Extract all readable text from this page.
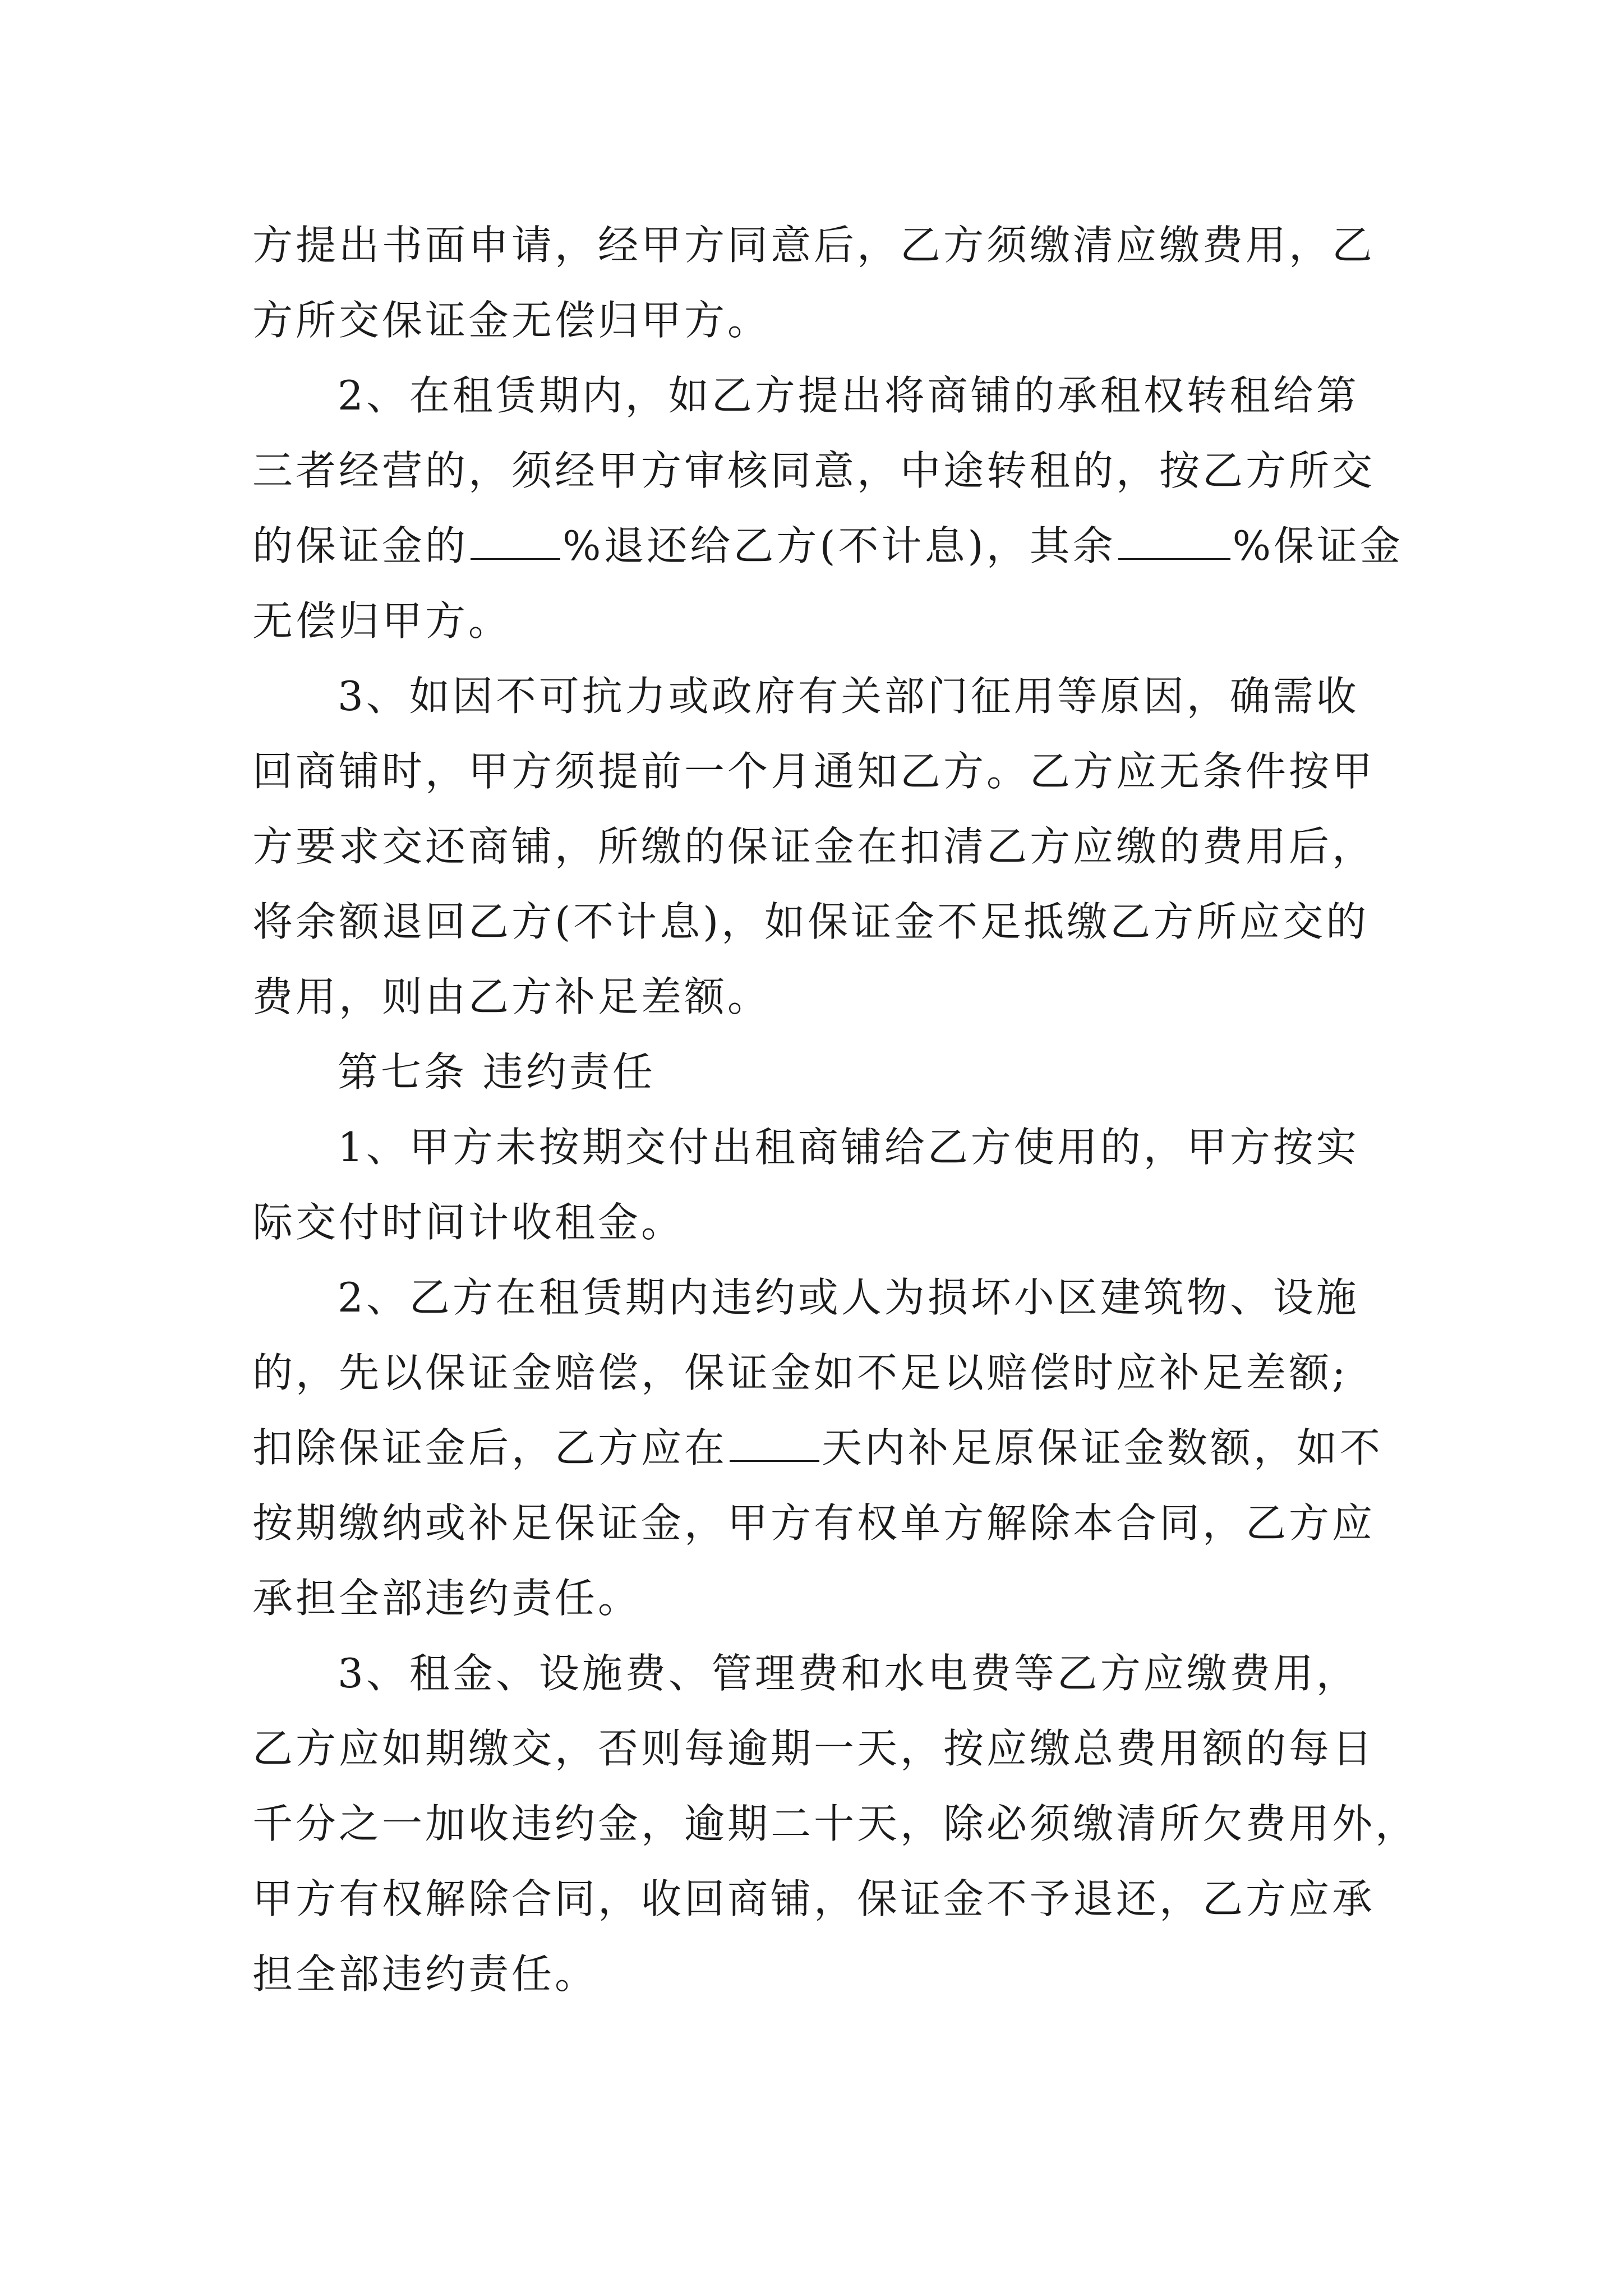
方提出书面申请，经甲方同意后，乙方须缴清应缴费用，乙
方所交保证金无偿归甲方。
2、在租赁期内，如乙方提出将商铺的承租权转租给第
三者经营的，须经甲方审核同意，中途转租的，按乙方所交
的保证金的 %退还给乙方(不计息)，其余	%保证金
无偿归甲方。
3、如因不可抗力或政府有关部门征用等原因，确需收
回商铺时，甲方须提前一个月通知乙方。乙方应无条件按甲
方要求交还商铺，所缴的保证金在扣清乙方应缴的费用后，
将余额退回乙方(不计息)，如保证金不足抵缴乙方所应交的
费用，则由乙方补足差额。
第七条 违约责任
1、甲方未按期交付出租商铺给乙方使用的，甲方按实
际交付时间计收租金。
2、乙方在租赁期内违约或人为损坏小区建筑物、设施
的，先以保证金赔偿，保证金如不足以赔偿时应补足差额;
扣除保证金后，乙方应在 天内补足原保证金数额，如不
按期缴纳或补足保证金，甲方有权单方解除本合同，乙方应
承担全部违约责任。
3、租金、设施费、管理费和水电费等乙方应缴费用，
乙方应如期缴交，否则每逾期一天，按应缴总费用额的每日
千分之一加收违约金，逾期二十天，除必须缴清所欠费用外，
甲方有权解除合同，收回商铺，保证金不予退还，乙方应承
担全部违约责任。
